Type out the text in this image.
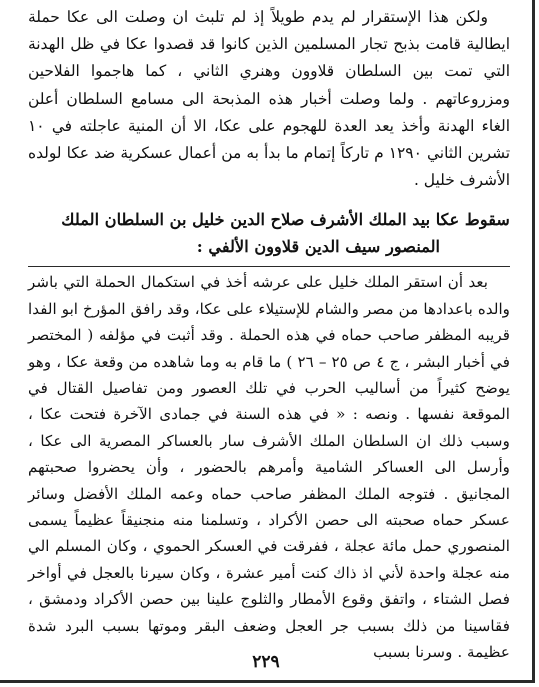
ولكن هذا الإستقرار لم يدم طويلاً إذ لم تلبث ان وصلت الى عكا حملة ايطالية قامت بذبح تجار المسلمين الذين كانوا قد قصدوا عكا في ظل الهدنة التي تمت بين السلطان قلاوون وهنري الثاني ، كما هاجموا الفلاحين ومزروعاتهم . ولما وصلت أخبار هذه المذبحة الى مسامع السلطان أعلن الغاء الهدنة وأخذ يعد العدة للهجوم على عكا، الا أن المنية عاجلته في ١٠ تشرين الثاني ١٢٩٠ م تاركاً إتمام ما بدأ به من أعمال عسكرية ضد عكا لولده الأشرف خليل .

سقوط عكا بيد الملك الأشرف صلاح الدين خليل بن السلطان الملك
المنصور سيف الدين قلاوون الألفي :

بعد أن استقر الملك خليل على عرشه أخذ في استكمال الحملة التي باشر والده باعدادها من مصر والشام للإستيلاء على عكا، وقد رافق المؤرخ ابو الفدا قريبه المظفر صاحب حماه في هذه الحملة . وقد أثبت في مؤلفه ( المختصر في أخبار البشر ، ج ٤ ص ٢٥ – ٢٦ ) ما قام به وما شاهده من وقعة عكا ، وهو يوضح كثيراً من أساليب الحرب في تلك العصور ومن تفاصيل القتال في الموقعة نفسها . ونصه : « في هذه السنة في جمادى الآخرة فتحت عكا ، وسبب ذلك ان السلطان الملك الأشرف سار بالعساكر المصرية الى عكا ، وأرسل الى العساكر الشامية وأمرهم بالحضور ، وأن يحضروا صحبتهم المجانيق . فتوجه الملك المظفر صاحب حماه وعمه الملك الأفضل وسائر عسكر حماه صحبته الى حصن الأكراد ، وتسلمنا منه منجنيقاً عظيماً يسمى المنصوري حمل مائة عجلة ، ففرقت في العسكر الحموي ، وكان المسلم الي منه عجلة واحدة لأني اذ ذاك كنت أمير عشرة ، وكان سيرنا بالعجل في أواخر فصل الشتاء ، واتفق وقوع الأمطار والثلوج علينا بين حصن الأكراد ودمشق ، فقاسينا من ذلك بسبب جر العجل وضعف البقر وموتها بسبب البرد شدة عظيمة . وسرنا بسبب

٢٢٩
